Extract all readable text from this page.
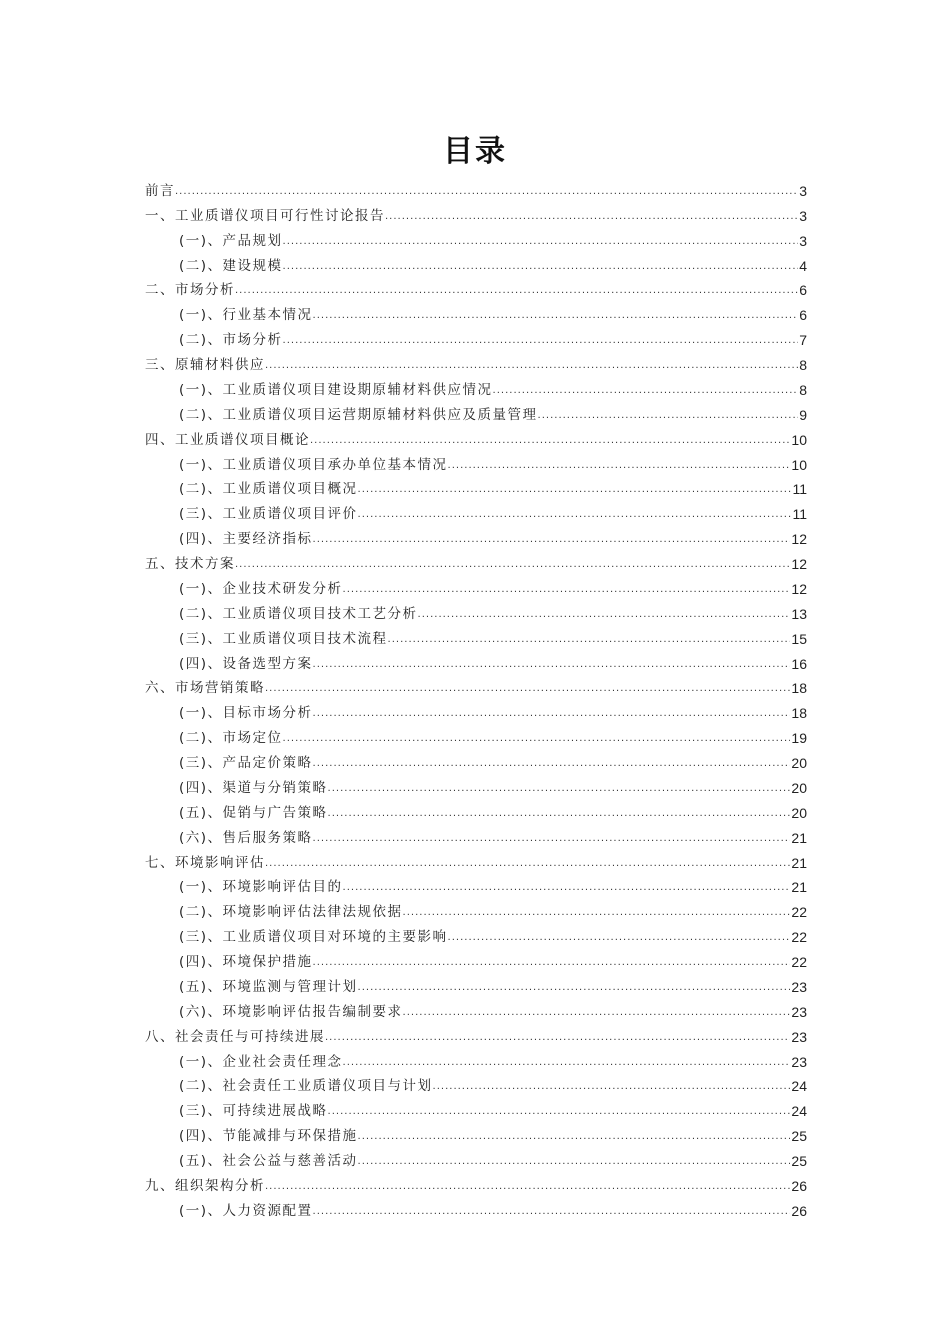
目录
前言 .....	3
一、工业质谱仪项目可行性讨论报告 .....	3
(一)、产品规划 .....	3
(二)、建设规模 .....	4
二、市场分析 .....	6
(一)、行业基本情况 .....	6
(二)、市场分析 .....	7
三、原辅材料供应 .....	8
(一)、工业质谱仪项目建设期原辅材料供应情况 .....	8
(二)、工业质谱仪项目运营期原辅材料供应及质量管理 .....	9
四、工业质谱仪项目概论 .....	10
(一)、工业质谱仪项目承办单位基本情况 .....	10
(二)、工业质谱仪项目概况 .....	11
(三)、工业质谱仪项目评价 .....	11
(四)、主要经济指标 .....	12
五、技术方案 .....	12
(一)、企业技术研发分析 .....	12
(二)、工业质谱仪项目技术工艺分析 .....	13
(三)、工业质谱仪项目技术流程 .....	15
(四)、设备选型方案 .....	16
六、市场营销策略 .....	18
(一)、目标市场分析 .....	18
(二)、市场定位 .....	19
(三)、产品定价策略 .....	20
(四)、渠道与分销策略 .....	20
(五)、促销与广告策略 .....	20
(六)、售后服务策略 .....	21
七、环境影响评估 .....	21
(一)、环境影响评估目的 .....	21
(二)、环境影响评估法律法规依据 .....	22
(三)、工业质谱仪项目对环境的主要影响 .....	22
(四)、环境保护措施 .....	22
(五)、环境监测与管理计划 .....	23
(六)、环境影响评估报告编制要求 .....	23
八、社会责任与可持续进展 .....	23
(一)、企业社会责任理念 .....	23
(二)、社会责任工业质谱仪项目与计划 .....	24
(三)、可持续进展战略 .....	24
(四)、节能减排与环保措施 .....	25
(五)、社会公益与慈善活动 .....	25
九、组织架构分析 .....	26
(一)、人力资源配置 .....	26
